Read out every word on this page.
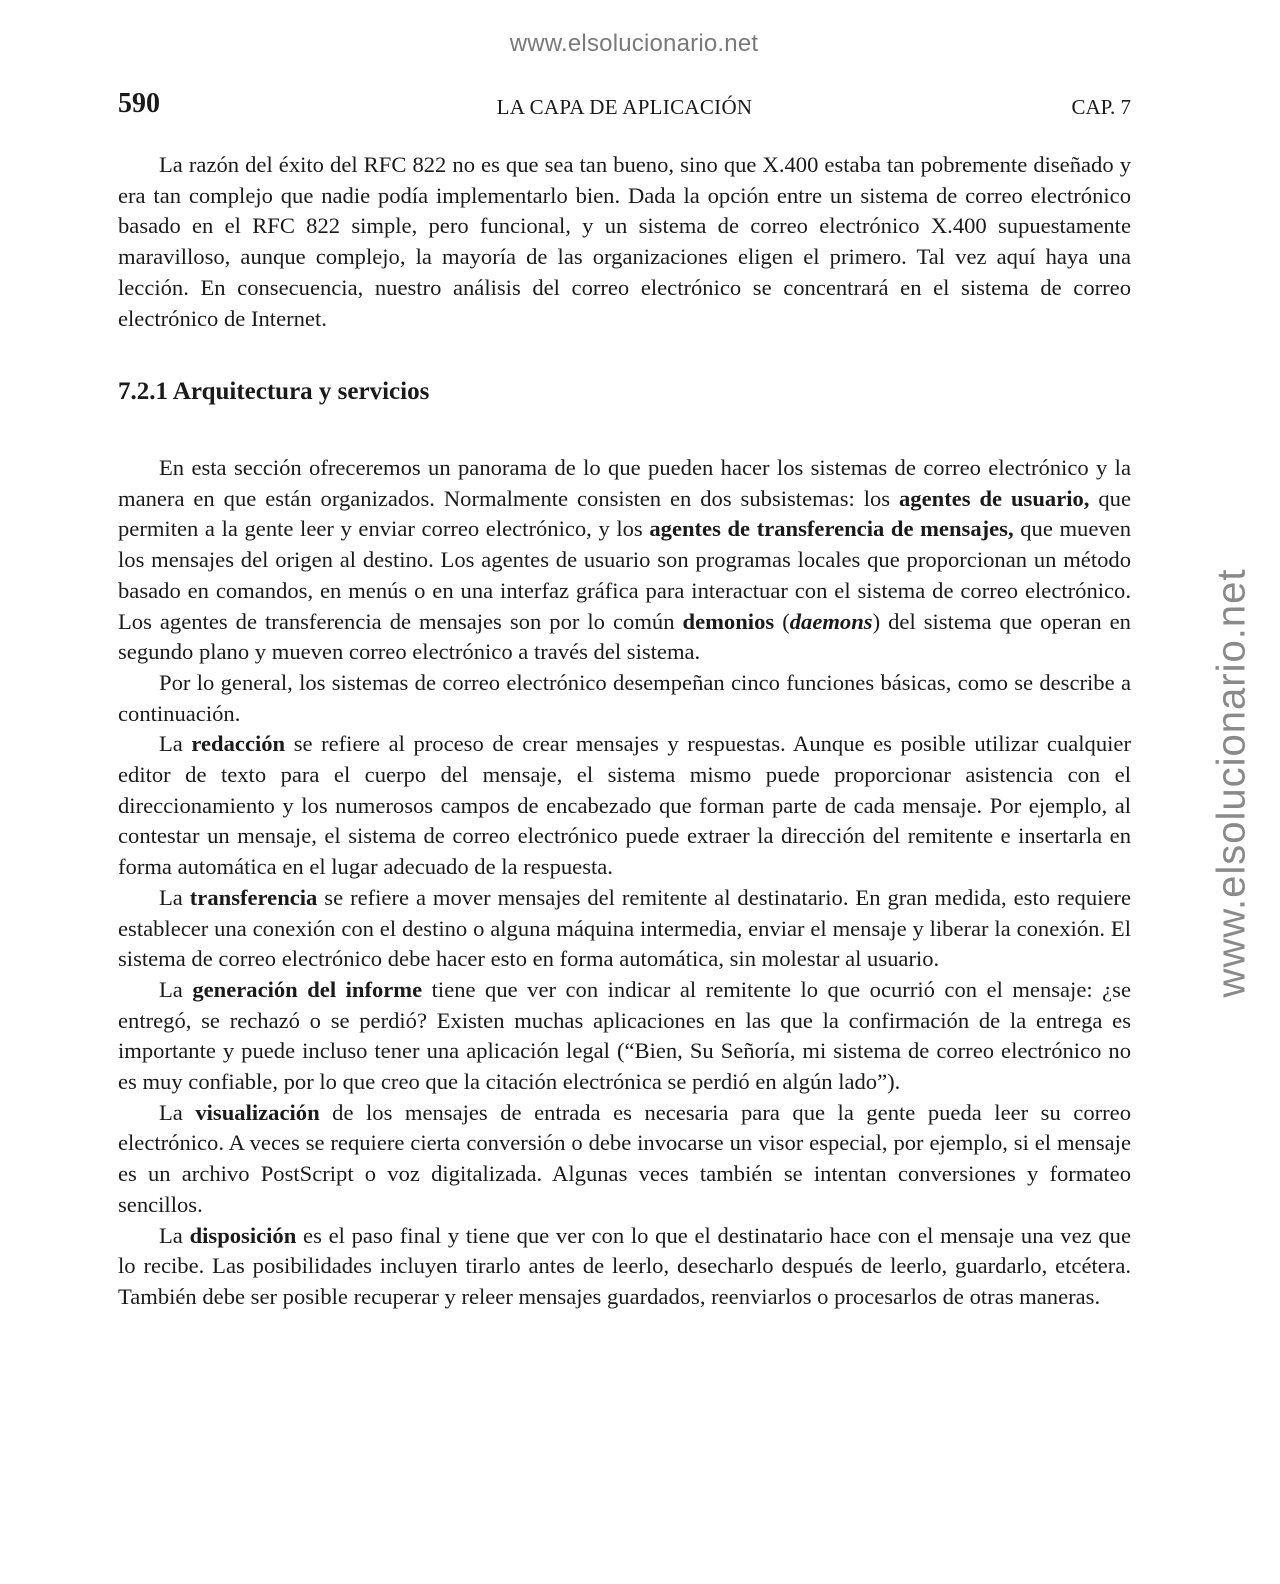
www.elsolucionario.net
www.elsolucionario.net
590	LA CAPA DE APLICACIÓN	CAP. 7

La razón del éxito del RFC 822 no es que sea tan bueno, sino que X.400 estaba tan pobremente diseñado y era tan complejo que nadie podía implementarlo bien. Dada la opción entre un sistema de correo electrónico basado en el RFC 822 simple, pero funcional, y un sistema de correo electrónico X.400 supuestamente maravilloso, aunque complejo, la mayoría de las organizaciones eligen el primero. Tal vez aquí haya una lección. En consecuencia, nuestro análisis del correo electrónico se concentrará en el sistema de correo electrónico de Internet.

7.2.1 Arquitectura y servicios

En esta sección ofreceremos un panorama de lo que pueden hacer los sistemas de correo electrónico y la manera en que están organizados. Normalmente consisten en dos subsistemas: los agentes de usuario, que permiten a la gente leer y enviar correo electrónico, y los agentes de transferencia de mensajes, que mueven los mensajes del origen al destino. Los agentes de usuario son programas locales que proporcionan un método basado en comandos, en menús o en una interfaz gráfica para interactuar con el sistema de correo electrónico. Los agentes de transferencia de mensajes son por lo común demonios (daemons) del sistema que operan en segundo plano y mueven correo electrónico a través del sistema.

Por lo general, los sistemas de correo electrónico desempeñan cinco funciones básicas, como se describe a continuación.

La redacción se refiere al proceso de crear mensajes y respuestas. Aunque es posible utilizar cualquier editor de texto para el cuerpo del mensaje, el sistema mismo puede proporcionar asistencia con el direccionamiento y los numerosos campos de encabezado que forman parte de cada mensaje. Por ejemplo, al contestar un mensaje, el sistema de correo electrónico puede extraer la dirección del remitente e insertarla en forma automática en el lugar adecuado de la respuesta.

La transferencia se refiere a mover mensajes del remitente al destinatario. En gran medida, esto requiere establecer una conexión con el destino o alguna máquina intermedia, enviar el mensaje y liberar la conexión. El sistema de correo electrónico debe hacer esto en forma automática, sin molestar al usuario.

La generación del informe tiene que ver con indicar al remitente lo que ocurrió con el mensaje: ¿se entregó, se rechazó o se perdió? Existen muchas aplicaciones en las que la confirmación de la entrega es importante y puede incluso tener una aplicación legal (“Bien, Su Señoría, mi sistema de correo electrónico no es muy confiable, por lo que creo que la citación electrónica se perdió en algún lado”).

La visualización de los mensajes de entrada es necesaria para que la gente pueda leer su correo electrónico. A veces se requiere cierta conversión o debe invocarse un visor especial, por ejemplo, si el mensaje es un archivo PostScript o voz digitalizada. Algunas veces también se intentan conversiones y formateo sencillos.

La disposición es el paso final y tiene que ver con lo que el destinatario hace con el mensaje una vez que lo recibe. Las posibilidades incluyen tirarlo antes de leerlo, desecharlo después de leerlo, guardarlo, etcétera. También debe ser posible recuperar y releer mensajes guardados, reenviarlos o procesarlos de otras maneras.
